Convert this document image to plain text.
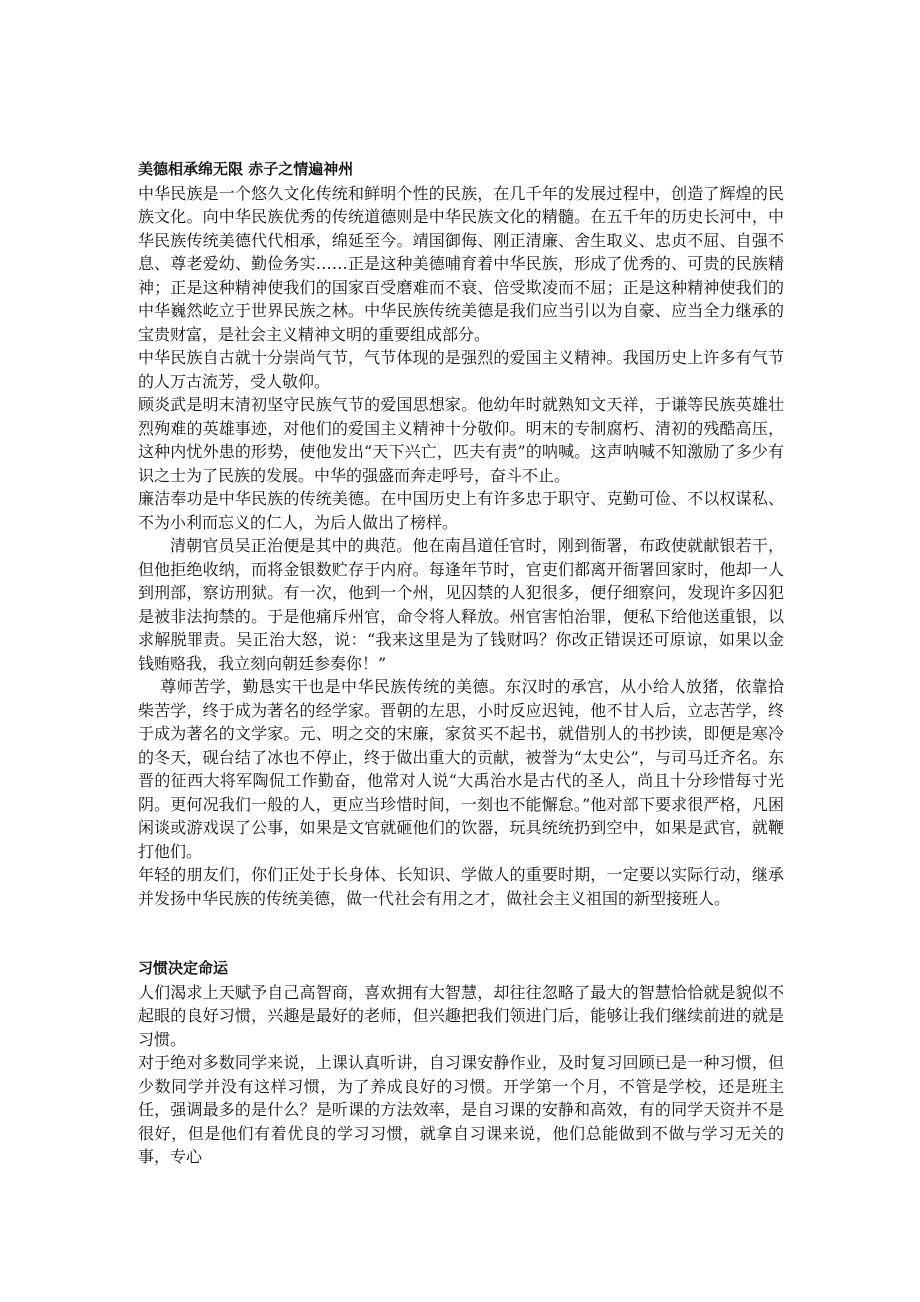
美德相承绵无限 赤子之情遍神州

中华民族是一个悠久文化传统和鲜明个性的民族，在几千年的发展过程中，创造了辉煌的民族文化。向中华民族优秀的传统道德则是中华民族文化的精髓。在五千年的历史长河中，中华民族传统美德代代相承，绵延至今。靖国御侮、刚正清廉、舍生取义、忠贞不屈、自强不息、尊老爱幼、勤俭务实……正是这种美德哺育着中华民族，形成了优秀的、可贵的民族精神；正是这种精神使我们的国家百受磨难而不衰、倍受欺凌而不屈；正是这种精神使我们的中华巍然屹立于世界民族之林。中华民族传统美德是我们应当引以为自豪、应当全力继承的宝贵财富，是社会主义精神文明的重要组成部分。

中华民族自古就十分崇尚气节，气节体现的是强烈的爱国主义精神。我国历史上许多有气节的人万古流芳，受人敬仰。

顾炎武是明末清初坚守民族气节的爱国思想家。他幼年时就熟知文天祥，于谦等民族英雄壮烈殉难的英雄事迹，对他们的爱国主义精神十分敬仰。明末的专制腐朽、清初的残酷高压，这种内忧外患的形势，使他发出“天下兴亡，匹夫有责”的呐喊。这声呐喊不知激励了多少有识之士为了民族的发展。中华的强盛而奔走呼号，奋斗不止。

廉洁奉功是中华民族的传统美德。在中国历史上有许多忠于职守、克勤可俭、不以权谋私、不为小利而忘义的仁人，为后人做出了榜样。

清朝官员吴正治便是其中的典范。他在南昌道任官时，刚到衙署，布政使就献银若干，但他拒绝收纳，而将金银数贮存于内府。每逢年节时，官吏们都离开衙署回家时，他却一人到刑部，察访刑狱。有一次，他到一个州，见囚禁的人犯很多，便仔细察问，发现许多囚犯是被非法拘禁的。于是他痛斥州官，命令将人释放。州官害怕治罪，便私下给他送重银，以求解脱罪责。吴正治大怒，说：“我来这里是为了钱财吗？你改正错误还可原谅，如果以金钱贿赂我，我立刻向朝廷参奏你！”

尊师苦学，勤恳实干也是中华民族传统的美德。东汉时的承宫，从小给人放猪，依靠拾柴苦学，终于成为著名的经学家。晋朝的左思，小时反应迟钝，他不甘人后，立志苦学，终于成为著名的文学家。元、明之交的宋廉，家贫买不起书，就借别人的书抄读，即便是寒冷的冬天，砚台结了冰也不停止，终于做出重大的贡献，被誉为“太史公”，与司马迁齐名。东晋的征西大将军陶侃工作勤奋，他常对人说“大禹治水是古代的圣人，尚且十分珍惜每寸光阴。更何况我们一般的人，更应当珍惜时间，一刻也不能懈怠。”他对部下要求很严格，凡困闲谈或游戏误了公事，如果是文官就砸他们的饮器，玩具统统扔到空中，如果是武官，就鞭打他们。

年轻的朋友们，你们正处于长身体、长知识、学做人的重要时期，一定要以实际行动，继承并发扬中华民族的传统美德，做一代社会有用之才，做社会主义祖国的新型接班人。

习惯决定命运

人们渴求上天赋予自己高智商，喜欢拥有大智慧，却往往忽略了最大的智慧恰恰就是貌似不起眼的良好习惯，兴趣是最好的老师，但兴趣把我们领进门后，能够让我们继续前进的就是习惯。

对于绝对多数同学来说，上课认真听讲，自习课安静作业，及时复习回顾已是一种习惯，但少数同学并没有这样习惯，为了养成良好的习惯。开学第一个月，不管是学校，还是班主任，强调最多的是什么？是听课的方法效率，是自习课的安静和高效，有的同学天资并不是很好，但是他们有着优良的学习习惯，就拿自习课来说，他们总能做到不做与学习无关的事，专心
